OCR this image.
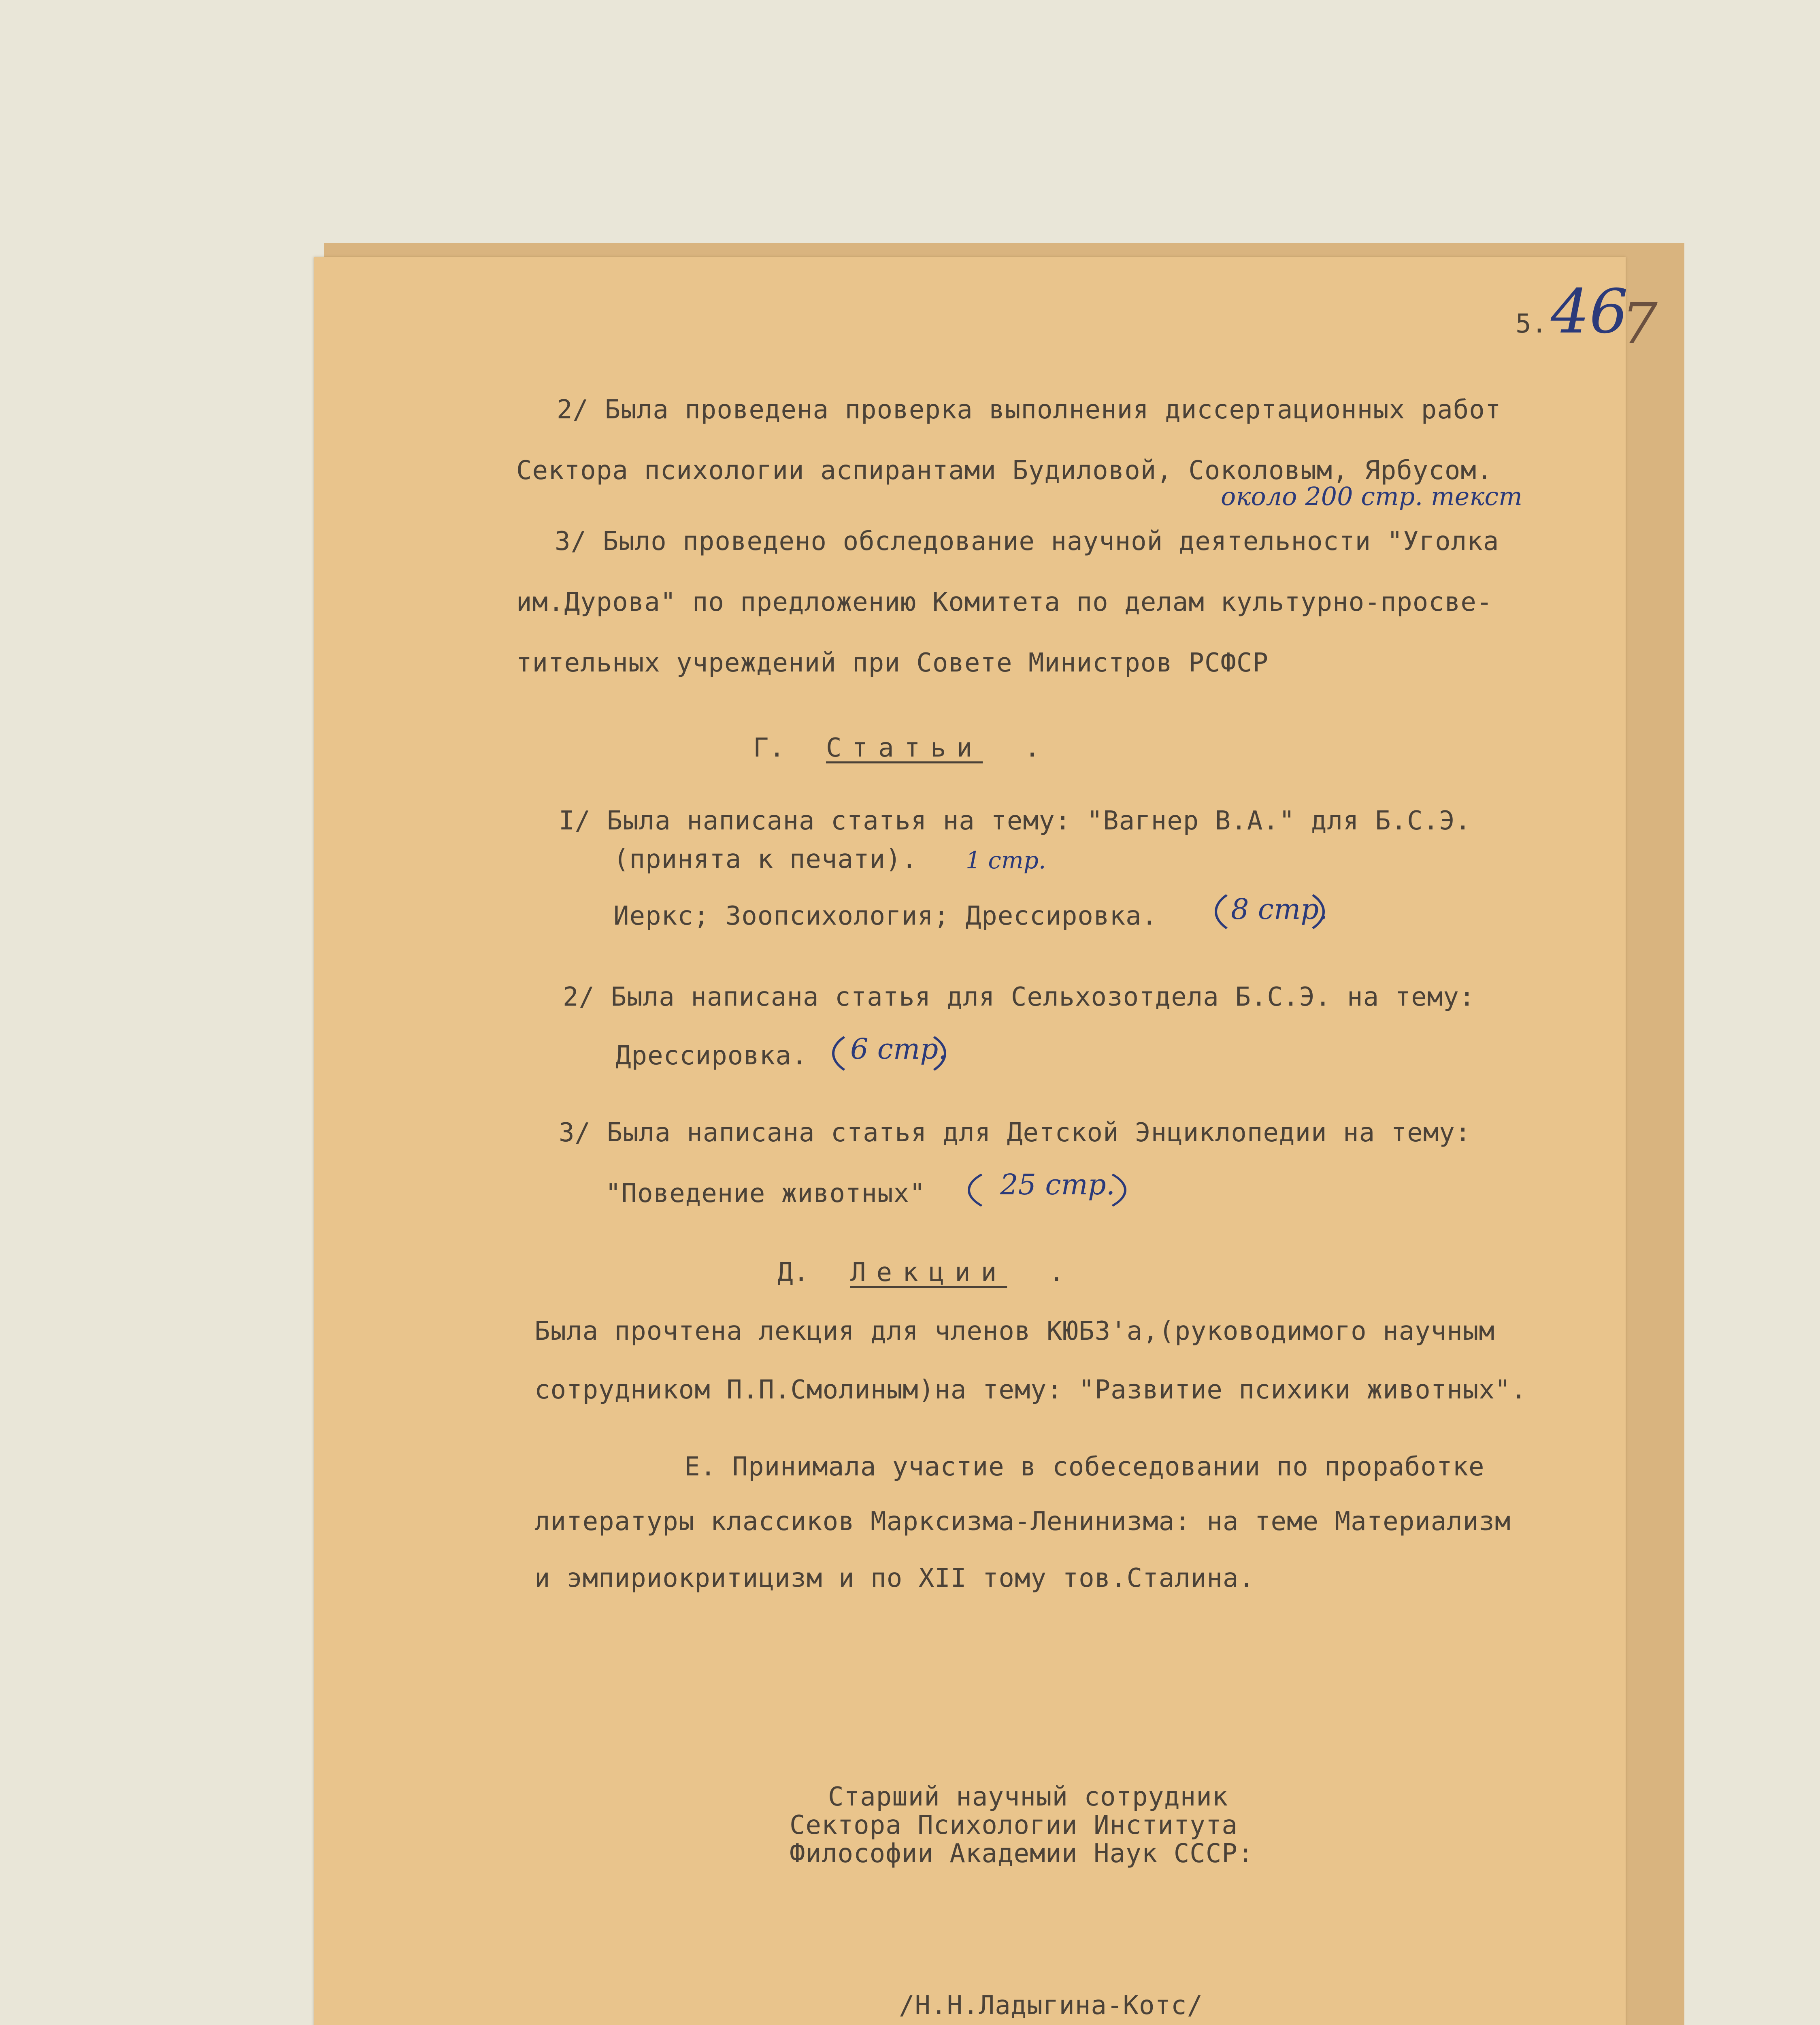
5. 46
7
2/ Была проведена проверка выполнения диссертационных работ
Сектора психологии аспирантами Будиловой, Соколовым, Ярбусом.
около 200 стр. текст
3/ Было проведено обследование научной деятельности "Уголка
им.Дурова" по предложению Комитета по делам культурно-просве-
тительных учреждений при Совете Министров РСФСР
Г. Статьи .
I/ Была написана статья на тему: "Вагнер В.А." для Б.С.Э.
(принята к печати). 1 стр.
Иеркс; Зоопсихология; Дрессировка.	8 стр.
2/ Была написана статья для Сельхозотдела Б.С.Э. на тему:
Дрессировка. 6 стр.
3/ Была написана статья для Детской Энциклопедии на тему:
"Поведение животных"	25 стр.
Д. Лекции .
Была прочтена лекция для членов КЮБЗ'а,(руководимого научным
сотрудником П.П.Смолиным)на тему: "Развитие психики животных".
Е. Принимала участие в собеседовании по проработке
литературы классиков Марксизма-Ленинизма: на теме Материализм
и эмпириокритицизм и по XII тому тов.Сталина.
Старший научный сотрудник
Сектора Психологии Института
Философии Академии Наук СССР:
/Н.Н.Ладыгина-Котс/
